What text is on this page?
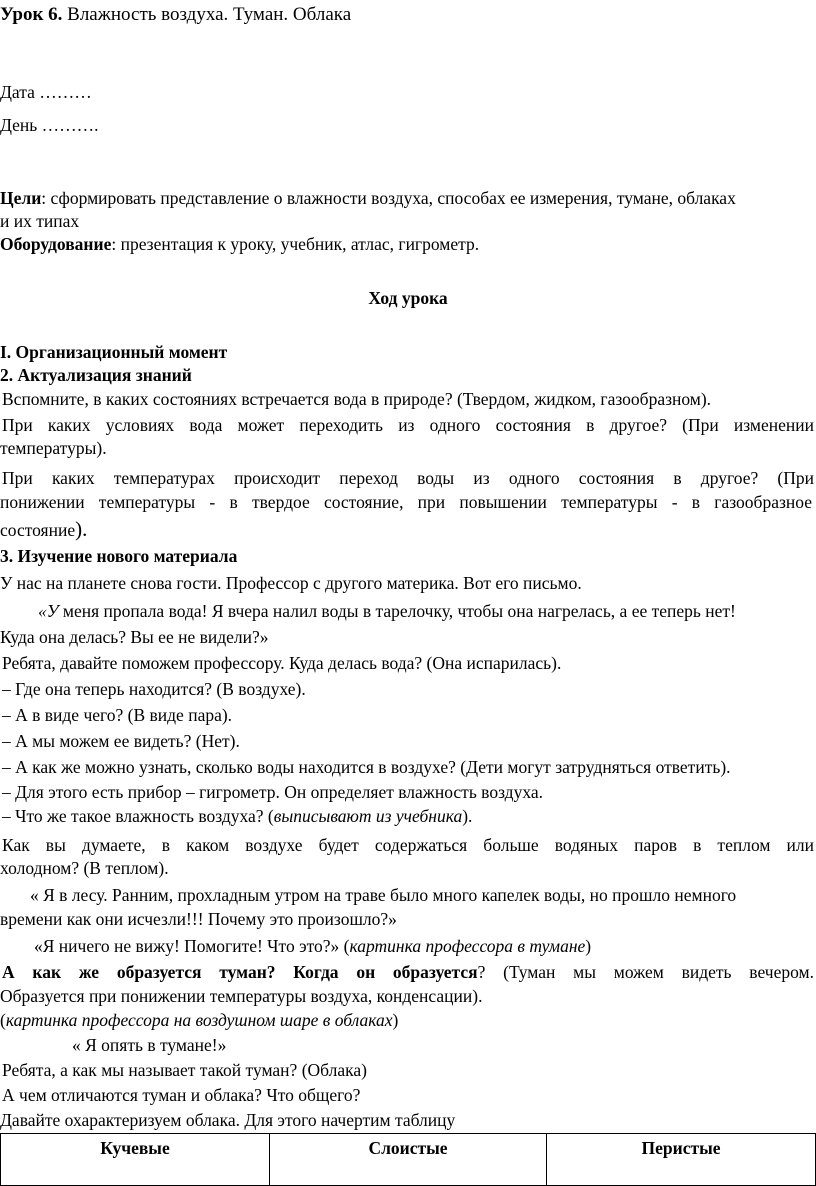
Урок 6. Влажность воздуха. Туман. Облака
Дата ………
День ……….
Цели: сформировать представление о влажности воздуха, способах ее измерения, тумане, облаках
и их типах
Оборудование: презентация к уроку, учебник, атлас, гигрометр.
Ход урока
I. Организационный момент
2. Актуализация знаний
Вспомните, в каких состояниях встречается вода в природе? (Твердом, жидком, газообразном).
При каких условиях вода может переходить из одного состояния в другое? (При изменении
температуры).
При каких температурах происходит переход воды из одного состояния в другое? (При
понижении температуры - в твердое состояние, при повышении температуры - в газообразное
состояние).
3. Изучение нового материала
У нас на планете снова гости. Профессор с другого материка. Вот его письмо.
«У меня пропала вода! Я вчера налил воды в тарелочку, чтобы она нагрелась, а ее теперь нет!
Куда она делась? Вы ее не видели?»
Ребята, давайте поможем профессору. Куда делась вода? (Она испарилась).
– Где она теперь находится? (В воздухе).
– А в виде чего? (В виде пара).
– А мы можем ее видеть? (Нет).
– А как же можно узнать, сколько воды находится в воздухе? (Дети могут затрудняться ответить).
– Для этого есть прибор – гигрометр. Он определяет влажность воздуха.
– Что же такое влажность воздуха? (выписывают из учебника).
Как вы думаете, в каком воздухе будет содержаться больше водяных паров в теплом или
холодном? (В теплом).
« Я в лесу. Ранним, прохладным утром на траве было много капелек воды, но прошло немного
времени как они исчезли!!! Почему это произошло?»
«Я ничего не вижу! Помогите! Что это?» (картинка профессора в тумане)
А как же образуется туман? Когда он образуется? (Туман мы можем видеть вечером.
Образуется при понижении температуры воздуха, конденсации).
(картинка профессора на воздушном шаре в облаках)
« Я опять в тумане!»
Ребята, а как мы называет такой туман? (Облака)
А чем отличаются туман и облака? Что общего?
Давайте охарактеризуем облака. Для этого начертим таблицу
Кучевые	Слоистые	Перистые
